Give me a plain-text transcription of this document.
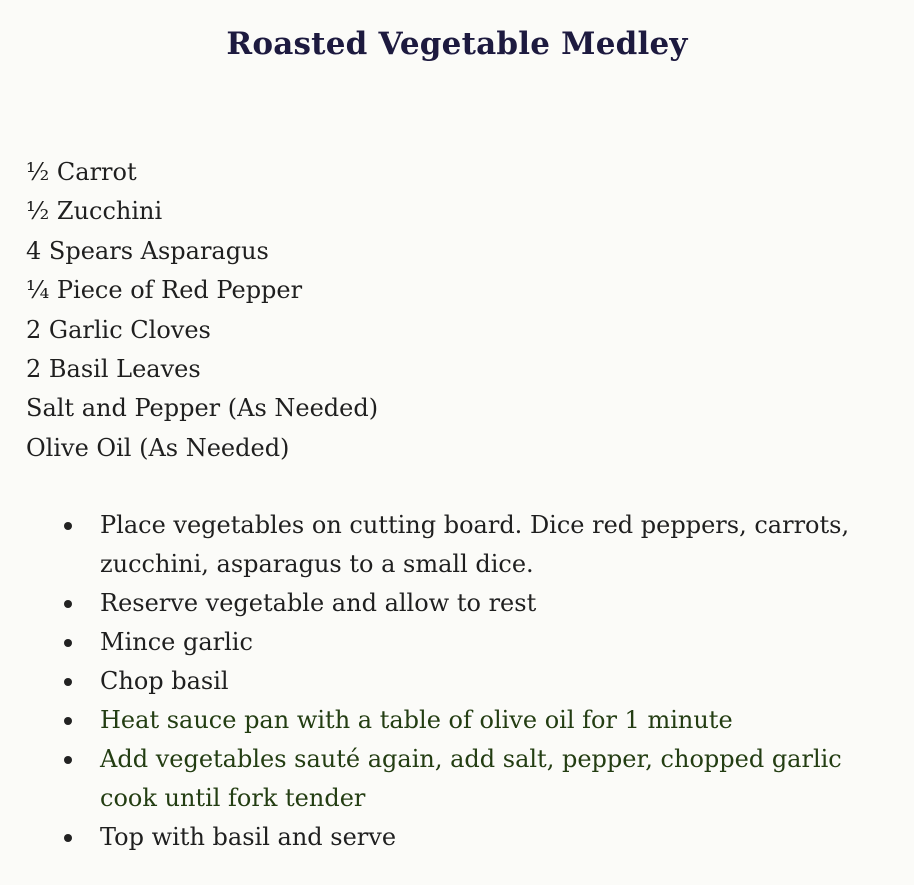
Roasted Vegetable Medley
½ Carrot
½ Zucchini
4 Spears Asparagus
¼ Piece of Red Pepper
2 Garlic Cloves
2 Basil Leaves
Salt and Pepper (As Needed)
Olive Oil (As Needed)
Place vegetables on cutting board. Dice red peppers, carrots, zucchini, asparagus to a small dice.
Reserve vegetable and allow to rest
Mince garlic
Chop basil
Heat sauce pan with a table of olive oil for 1 minute
Add vegetables sauté again, add salt, pepper, chopped garlic cook until fork tender
Top with basil and serve
